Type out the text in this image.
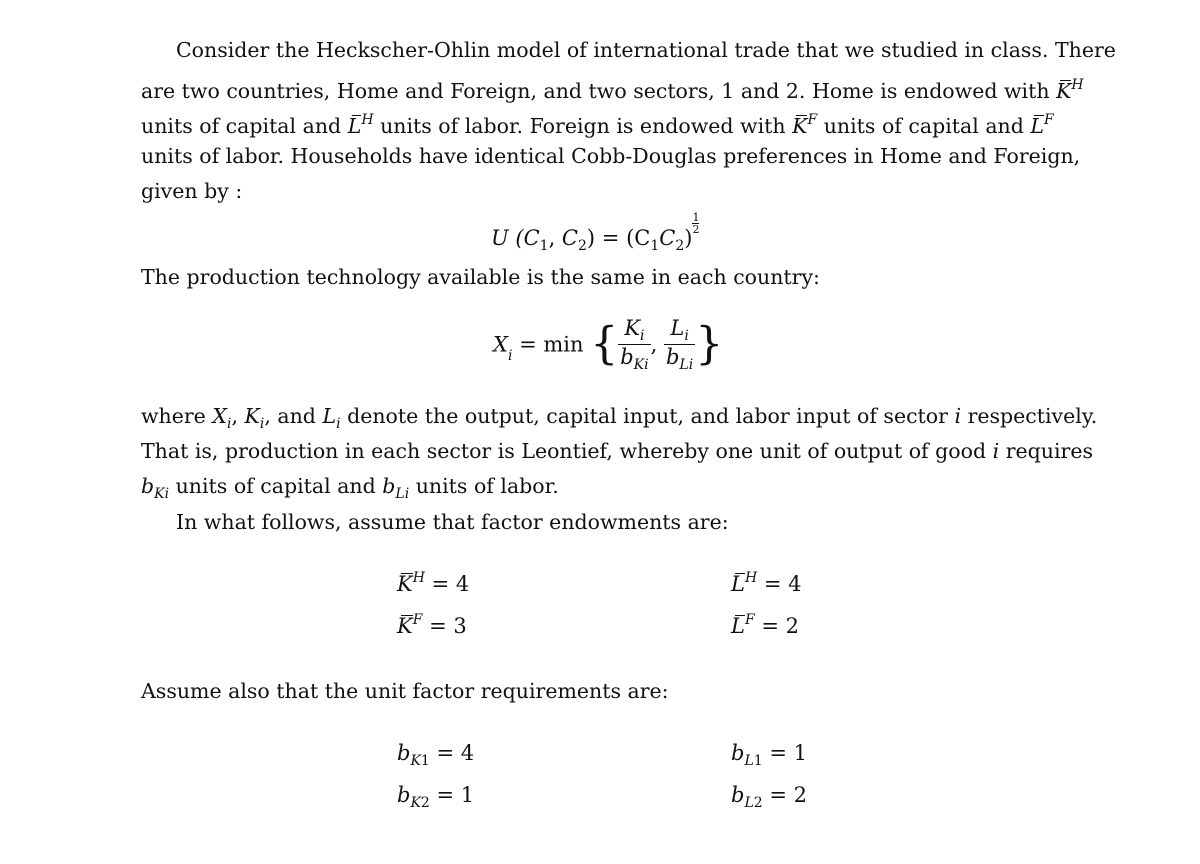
Consider the Heckscher-Ohlin model of international trade that we studied in class. There
are two countries, Home and Foreign, and two sectors, 1 and 2. Home is endowed with $K^H$
units of capital and $L^H$ units of labor. Foreign is endowed with $K^F$ units of capital and $L^F$
units of labor. Households have identical Cobb-Douglas preferences in Home and Foreign,
given by :
U ($C_1$, $C_2) = (C_1C_2)$
$\frac{1}{2}$
The production technology available is the same in each country:
$X_i = \min$ { $\frac{K_i}{b_{Ki}}$ , $\frac{L_i}{b_{Li}}$ }
where $X_i$, $K_i$, and $L_i$ denote the output, capital input, and labor input of sector i respectively.
That is, production in each sector is Leontief, whereby one unit of output of good i requires
$b_{Ki}$ units of capital and $b_{Li}$ units of labor.
In what follows, assume that factor endowments are:
$K^H = 4$	$L^H = 4$
$K^F = 3$	$L^F = 2$
Assume also that the unit factor requirements are:
$b_{K1} = 4$	$b_{L1} = 1$
$b_{K2} = 1$	$b_{L2} = 2$
